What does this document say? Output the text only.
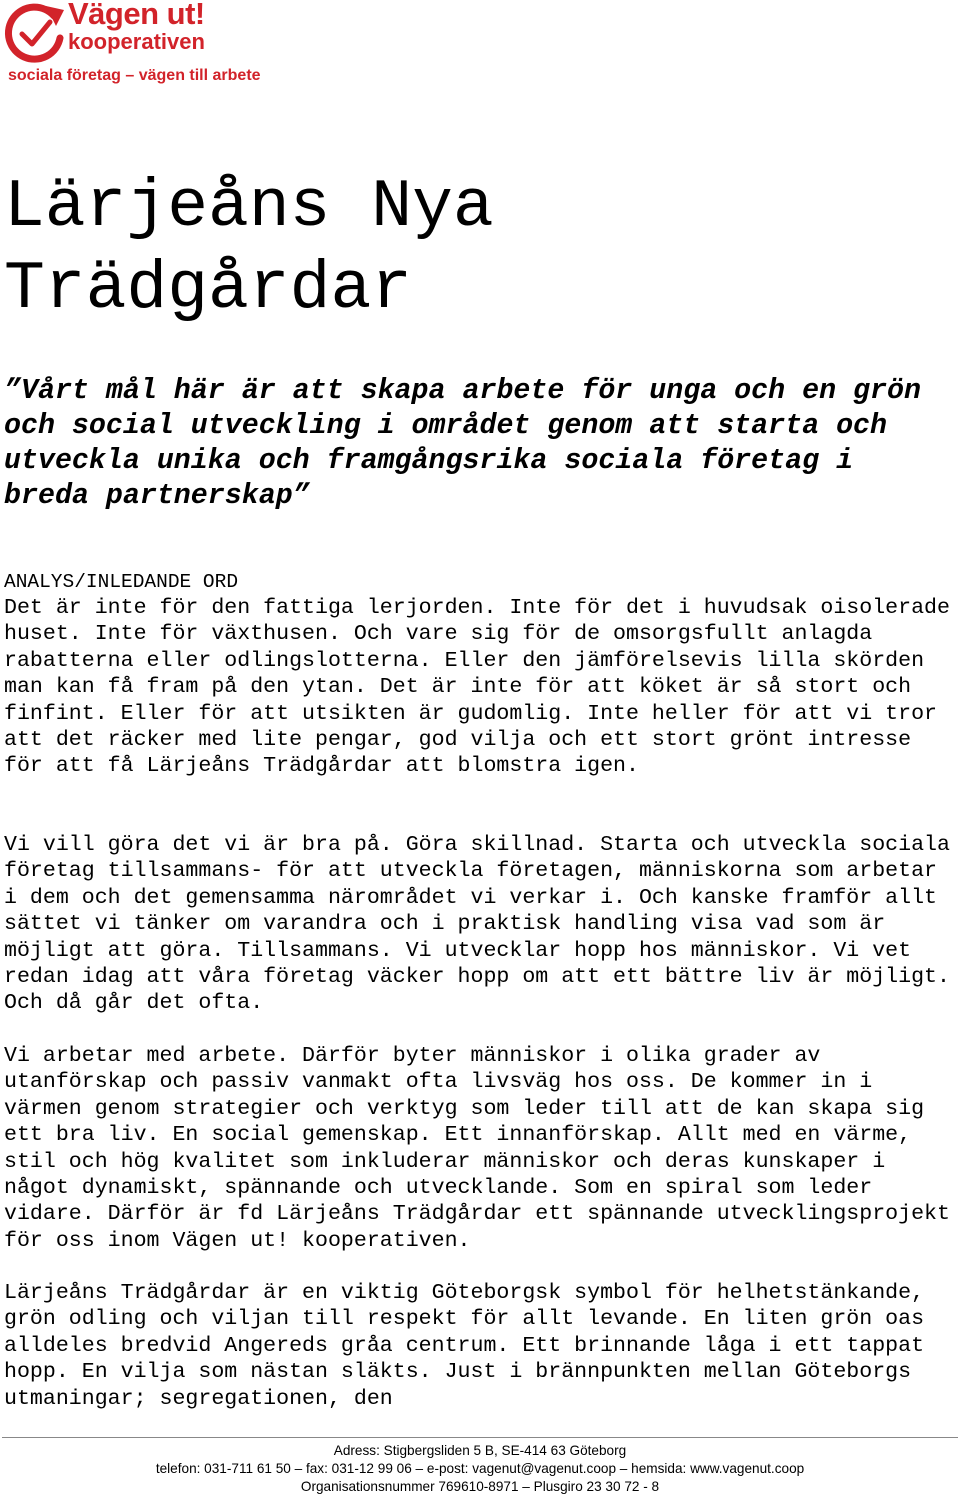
Vägen ut!
kooperativen
sociala företag – vägen till arbete
Lärjeåns Nya
Trädgårdar

”Vårt mål här är att skapa arbete för unga och en grön och social utveckling i området genom att starta och utveckla unika och framgångsrika sociala företag i breda partnerskap”

ANALYS/INLEDANDE ORD

Det är inte för den fattiga lerjorden. Inte för det i huvudsak oisolerade huset. Inte för växthusen. Och vare sig för de omsorgsfullt anlagda rabatterna eller odlingslotterna. Eller den jämförelsevis lilla skörden man kan få fram på den ytan. Det är inte för att köket är så stort och finfint. Eller för att utsikten är gudomlig. Inte heller för att vi tror att det räcker med lite pengar, god vilja och ett stort grönt intresse för att få Lärjeåns Trädgårdar att blomstra igen.

Vi vill göra det vi är bra på. Göra skillnad. Starta och utveckla sociala företag tillsammans- för att utveckla företagen, människorna som arbetar i dem och det gemensamma närområdet vi verkar i. Och kanske framför allt sättet vi tänker om varandra och i praktisk handling visa vad som är möjligt att göra. Tillsammans. Vi utvecklar hopp hos människor. Vi vet redan idag att våra företag väcker hopp om att ett bättre liv är möjligt. Och då går det ofta.

Vi arbetar med arbete. Därför byter människor i olika grader av utanförskap och passiv vanmakt ofta livsväg hos oss. De kommer in i värmen genom strategier och verktyg som leder till att de kan skapa sig ett bra liv. En social gemenskap. Ett innanförskap. Allt med en värme, stil och hög kvalitet som inkluderar människor och deras kunskaper i något dynamiskt, spännande och utvecklande. Som en spiral som leder vidare. Därför är fd Lärjeåns Trädgårdar ett spännande utvecklingsprojekt för oss inom Vägen ut! kooperativen.

Lärjeåns Trädgårdar är en viktig Göteborgsk symbol för helhetstänkande, grön odling och viljan till respekt för allt levande. En liten grön oas alldeles bredvid Angereds gråa centrum. Ett brinnande låga i ett tappat hopp. En vilja som nästan släkts. Just i brännpunkten mellan Göteborgs utmaningar; segregationen, den

Adress: Stigbergsliden 5 B, SE-414 63 Göteborg
telefon: 031-711 61 50 – fax: 031-12 99 06 – e-post: vagenut@vagenut.coop – hemsida: www.vagenut.coop
Organisationsnummer 769610-8971 – Plusgiro 23 30 72 - 8
